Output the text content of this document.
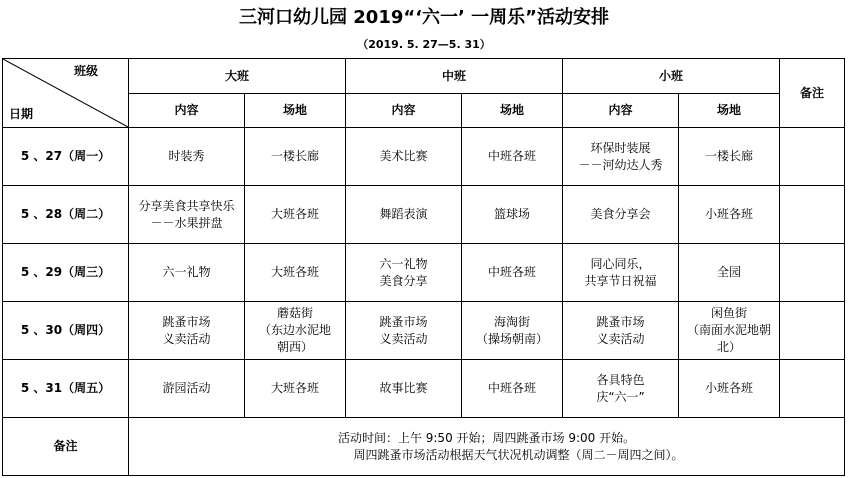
三河口幼儿园 2019“‘六一’ 一周乐”活动安排
（2019. 5. 27—5. 31）
班级
日期	大班		中班		小班		备注
	内容	场地	内容	场地	内容	场地	
5 、27（周一）	时装秀	一楼长廊	美术比赛	中班各班	环保时装展
－－河幼达人秀	一楼长廊	

5 、28（周二）	分享美食共享快乐
－－水果拼盘	大班各班	舞蹈表演	篮球场	美食分享会	小班各班	

5 、29（周三）	六一礼物	大班各班	六一礼物
美食分享	中班各班	同心同乐，
共享节日祝福	全园	

5 、30（周四）	跳蚤市场
义卖活动	蘑菇街
（东边水泥地
朝西）	跳蚤市场
义卖活动	海淘街
（操场朝南）	跳蚤市场
义卖活动	闲鱼街
（南面水泥地朝
北）	

5 、31（周五）	游园活动	大班各班	故事比赛	中班各班	各具特色
庆“六一”	小班各班	

备注	活动时间：上午 9:50 开始；周四跳蚤市场 9:00 开始。
周四跳蚤市场活动根据天气状况机动调整（周二－周四之间）。						
